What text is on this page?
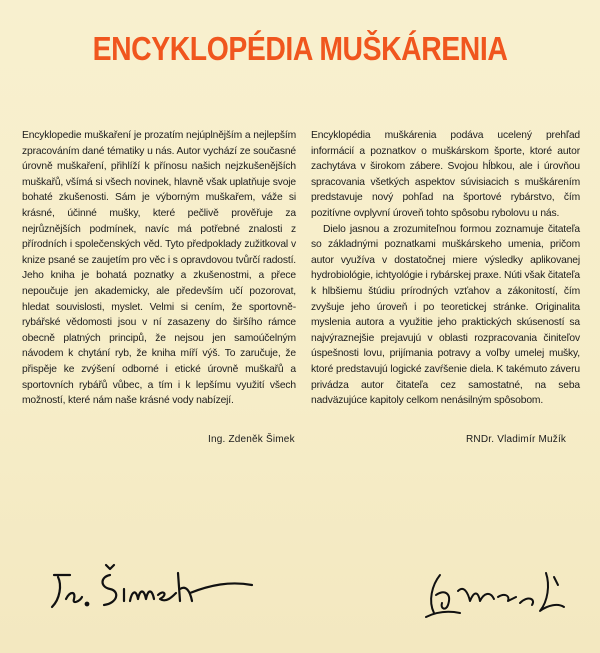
ENCYKLOPÉDIA MUŠKÁRENIA

Encyklopedie muškaření je prozatím nejúplnějším a nejlepším zpracováním dané tématiky u nás. Autor vychází ze současné úrovně muškaření, přihlíží k přínosu našich nejzkušenějších muškařů, všímá si všech novinek, hlavně však uplatňuje svoje bohaté zkušenosti. Sám je výborným muškařem, váže si krásné, účinné mušky, které pečlivě prověřuje za nejrůznějších podmínek, navíc má potřebné znalosti z přírodních i společenských věd. Tyto předpoklady zužitkoval v knize psané se zaujetím pro věc i s opravdovou tvůrčí radostí. Jeho kniha je bohatá poznatky a zkušenostmi, a přece nepoučuje jen akademicky, ale především učí pozorovat, hledat souvislosti, myslet. Velmi si cením, že sportovně-rybářské vědomosti jsou v ní zasazeny do širšího rámce obecně platných principů, že nejsou jen samoúčelným návodem k chytání ryb, že kniha míří výš. To zaručuje, že přispěje ke zvýšení odborné i etické úrovně muškařů a sportovních rybářů vůbec, a tím i k lepšímu využití všech možností, které nám naše krásné vody nabízejí.

Encyklopédia muškárenia podáva ucelený prehľad informácií a poznatkov o muškárskom športe, ktoré autor zachytáva v širokom zábere. Svojou hĺbkou, ale i úrovňou spracovania všetkých aspektov súvisiacich s muškárením predstavuje nový pohľad na športové rybárstvo, čím pozitívne ovplyvní úroveň tohto spôsobu rybolovu u nás.

Dielo jasnou a zrozumiteľnou formou zoznamuje čitateľa so základnými poznatkami muškárskeho umenia, pričom autor využíva v dostatočnej miere výsledky aplikovanej hydrobiológie, ichtyológie i rybárskej praxe. Núti však čitateľa k hlbšiemu štúdiu prírodných vzťahov a zákonitostí, čím zvyšuje jeho úroveň i po teoretickej stránke. Originalita myslenia autora a využitie jeho praktických skúseností sa najvýraznejšie prejavujú v oblasti rozpracovania činiteľov úspešnosti lovu, prijímania potravy a voľby umelej mušky, ktoré predstavujú logické zavŕšenie diela. K takémuto záveru privádza autor čitateľa cez samostatné, na seba nadväzujúce kapitoly celkom nenásilným spôsobom.

Ing. Zdeněk Šimek	RNDr. Vladimír Mužík
